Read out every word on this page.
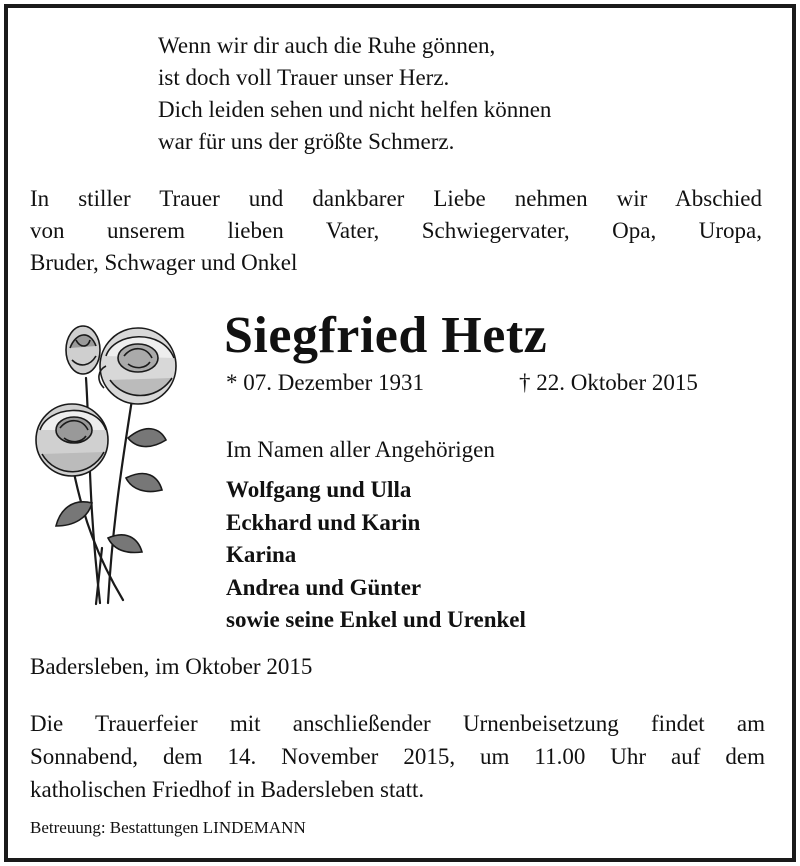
Wenn wir dir auch die Ruhe gönnen,
ist doch voll Trauer unser Herz.
Dich leiden sehen und nicht helfen können
war für uns der größte Schmerz.
In stiller Trauer und dankbarer Liebe nehmen wir Abschied
von unserem lieben Vater, Schwiegervater, Opa, Uropa,
Bruder, Schwager und Onkel
Siegfried Hetz
* 07. Dezember 1931	† 22. Oktober 2015
Im Namen aller Angehörigen
Wolfgang und Ulla
Eckhard und Karin
Karina
Andrea und Günter
sowie seine Enkel und Urenkel
Badersleben, im Oktober 2015
Die Trauerfeier mit anschließender Urnenbeisetzung findet am
Sonnabend, dem 14. November 2015, um 11.00 Uhr auf dem
katholischen Friedhof in Badersleben statt.
Betreuung: Bestattungen LINDEMANN
